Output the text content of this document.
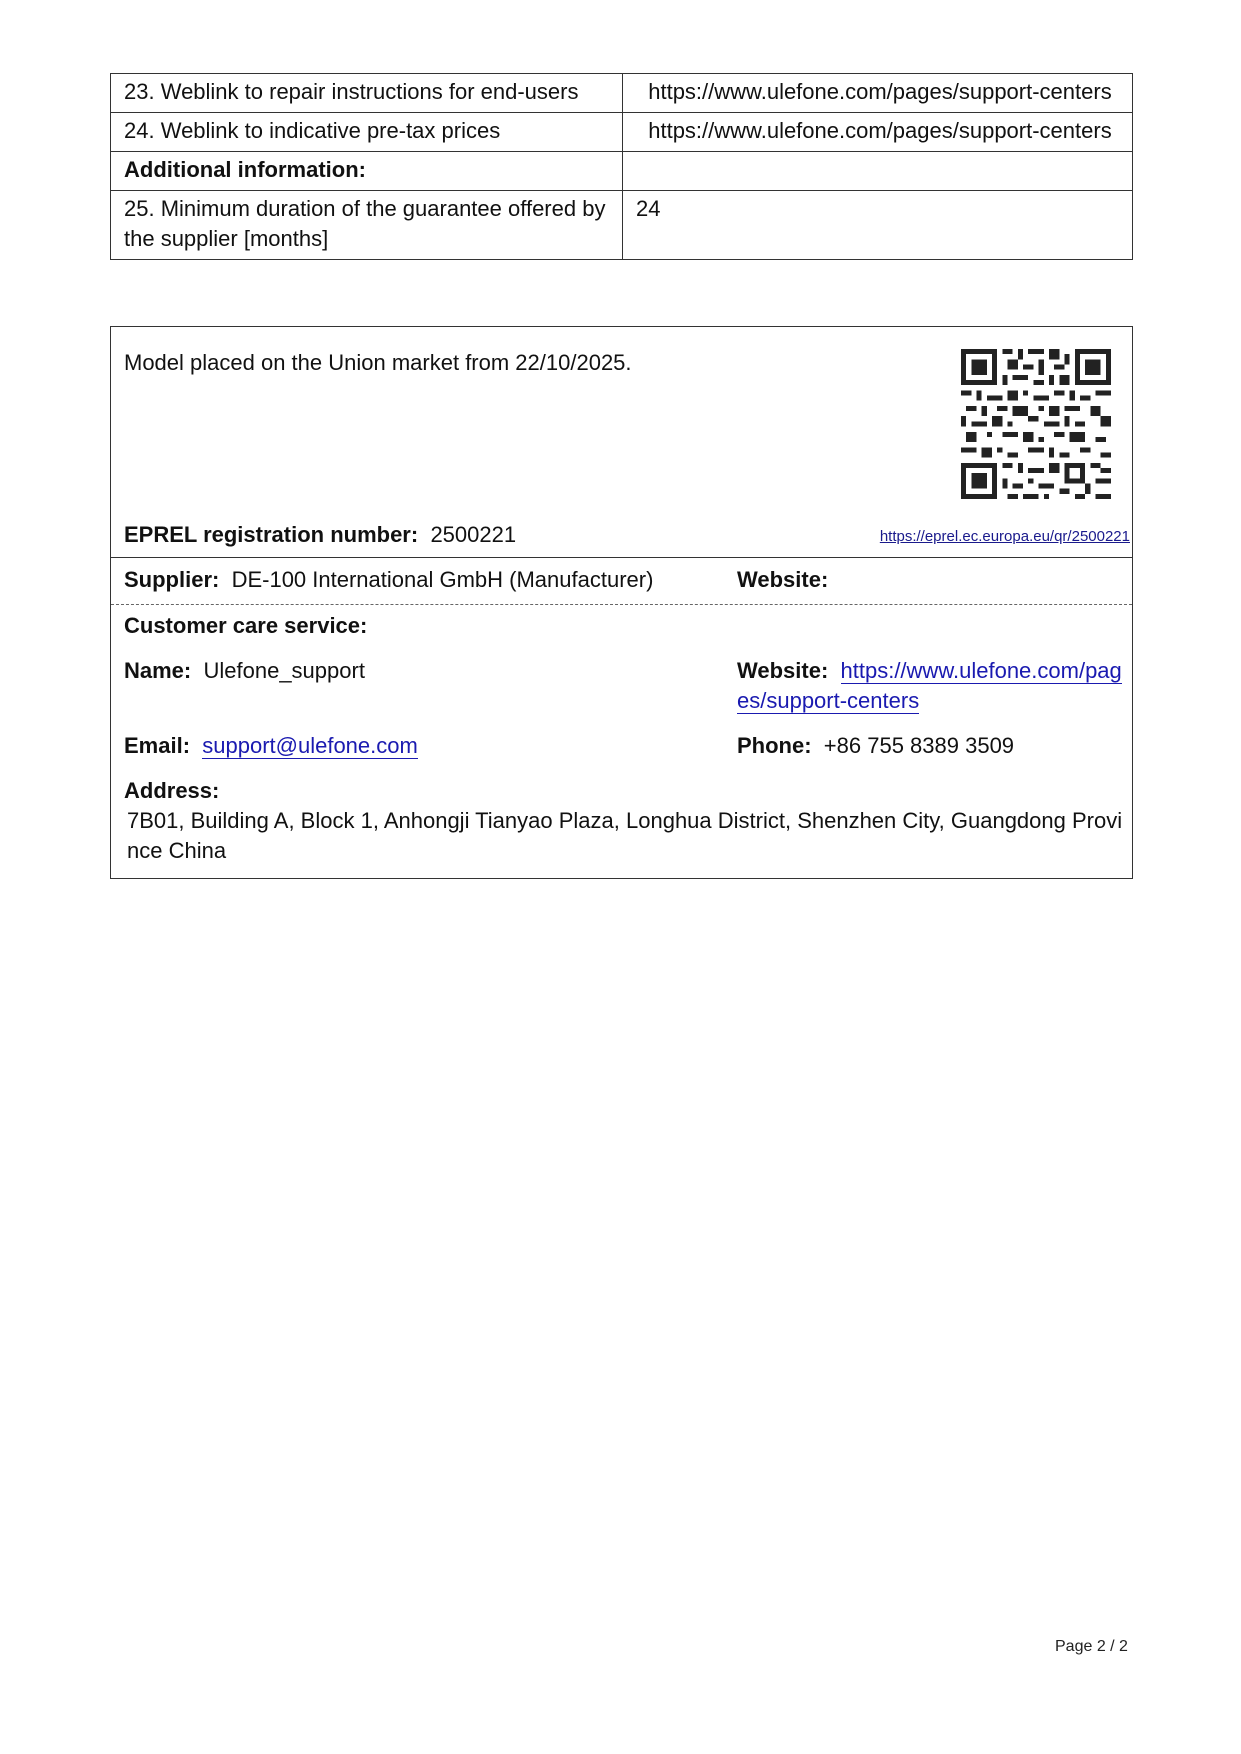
23. Weblink to repair instructions for end-users	https://www.ulefone.com/pages/support-centers
24. Weblink to indicative pre-tax prices	https://www.ulefone.com/pages/support-centers
Additional information:	
25. Minimum duration of the guarantee offered by the supplier [months]	24
Model placed on the Union market from 22/10/2025.
EPREL registration number: 2500221	https://eprel.ec.europa.eu/qr/2500221
Supplier: DE-100 International GmbH (Manufacturer)	Website:
Customer care service:
Name: Ulefone_support	Website: https://www.ulefone.com/pages/support-centers
Email: support@ulefone.com	Phone: +86 755 8389 3509
Address:
7B01, Building A, Block 1, Anhongji Tianyao Plaza, Longhua District, Shenzhen City, Guangdong Province China
Page 2 / 2
